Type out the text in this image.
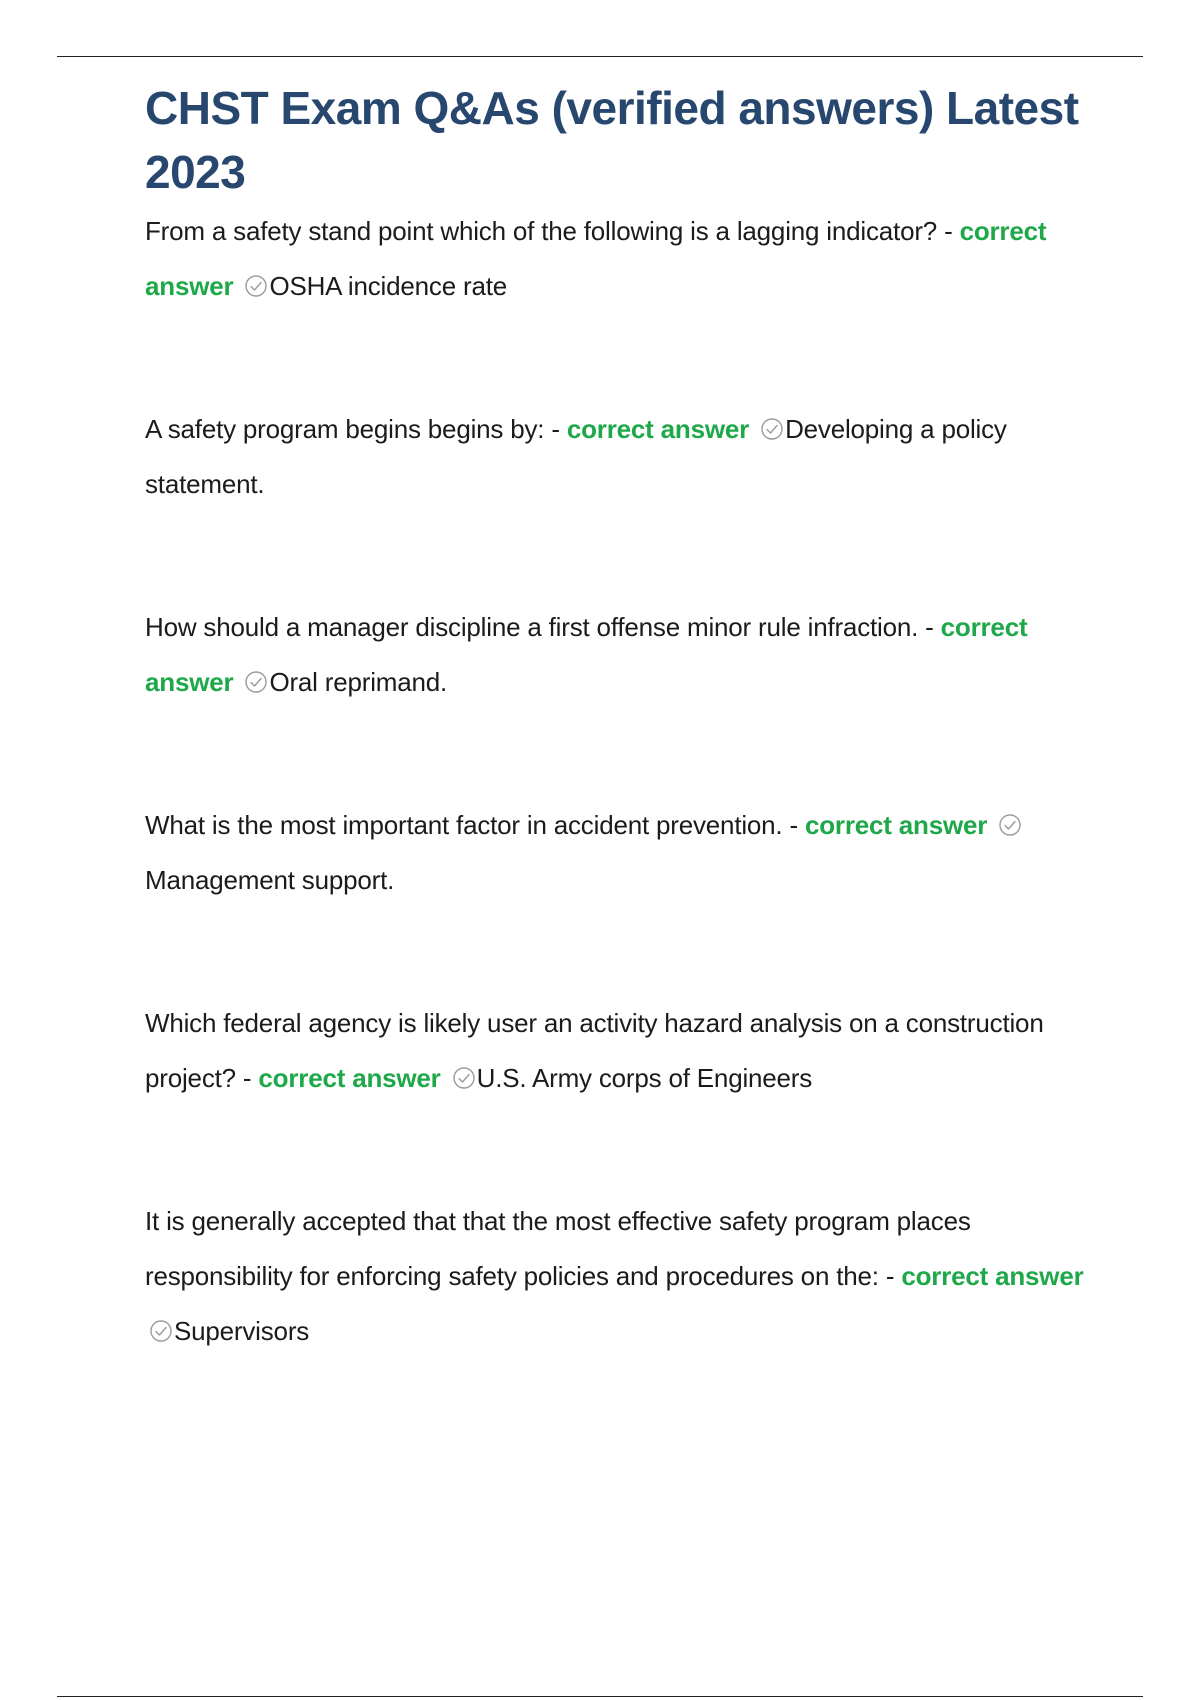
CHST Exam Q&As (verified answers) Latest 2023

From a safety stand point which of the following is a lagging indicator? - correct answer OSHA incidence rate

A safety program begins begins by: - correct answer Developing a policy statement.

How should a manager discipline a first offense minor rule infraction. - correct answer Oral reprimand.

What is the most important factor in accident prevention. - correct answer
Management support.

Which federal agency is likely user an activity hazard analysis on a construction project? - correct answer U.S. Army corps of Engineers

It is generally accepted that that the most effective safety program places responsibility for enforcing safety policies and procedures on the: - correct answer
Supervisors
